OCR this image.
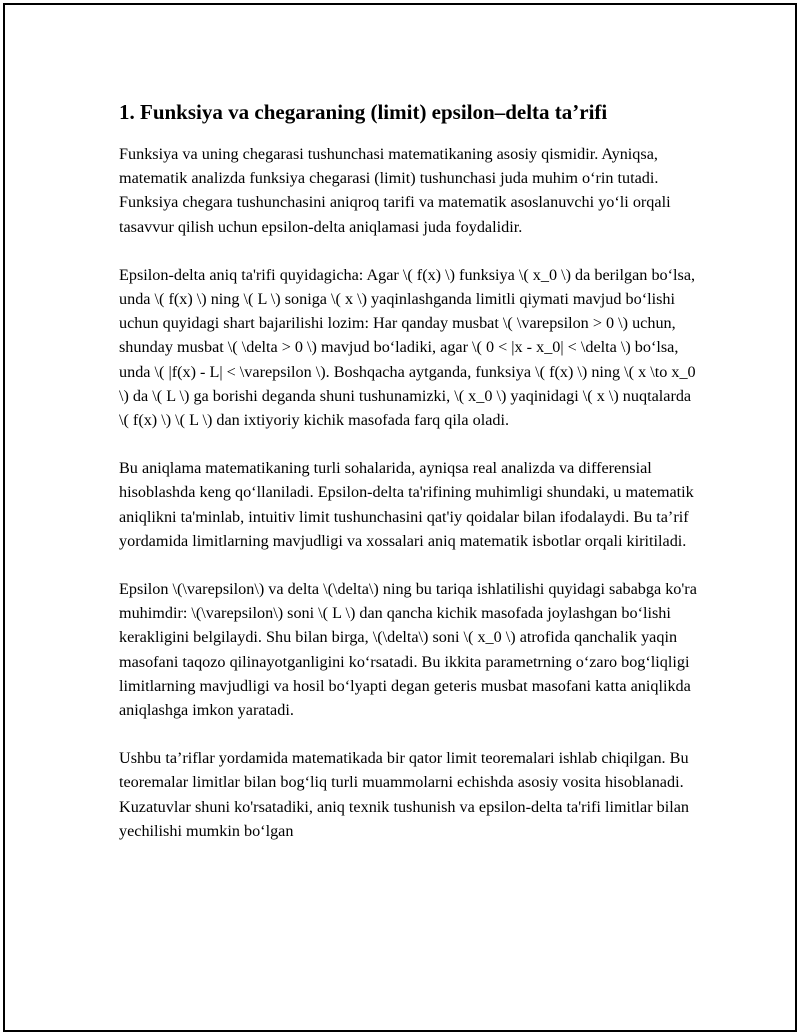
1. Funksiya va chegaraning (limit) epsilon–delta ta’rifi

Funksiya va uning chegarasi tushunchasi matematikaning asosiy qismidir. Ayniqsa, matematik analizda funksiya chegarasi (limit) tushunchasi juda muhim o‘rin tutadi. Funksiya chegara tushunchasini aniqroq tarifi va matematik asoslanuvchi yo‘li orqali tasavvur qilish uchun epsilon-delta aniqlamasi juda foydalidir.

Epsilon-delta aniq ta'rifi quyidagicha: Agar \( f(x) \) funksiya \( x_0 \) da berilgan bo‘lsa, unda \( f(x) \) ning \( L \) soniga \( x \) yaqinlashganda limitli qiymati mavjud bo‘lishi uchun quyidagi shart bajarilishi lozim: Har qanday musbat \( \varepsilon > 0 \) uchun, shunday musbat \( \delta > 0 \) mavjud bo‘ladiki, agar \( 0 < |x - x_0| < \delta \) bo‘lsa, unda \( |f(x) - L| < \varepsilon \). Boshqacha aytganda, funksiya \( f(x) \) ning \( x \to x_0 \) da \( L \) ga borishi deganda shuni tushunamizki, \( x_0 \) yaqinidagi \( x \) nuqtalarda \( f(x) \) \( L \) dan ixtiyoriy kichik masofada farq qila oladi.

Bu aniqlama matematikaning turli sohalarida, ayniqsa real analizda va differensial hisoblashda keng qo‘llaniladi. Epsilon-delta ta'rifining muhimligi shundaki, u matematik aniqlikni ta'minlab, intuitiv limit tushunchasini qat'iy qoidalar bilan ifodalaydi. Bu ta’rif yordamida limitlarning mavjudligi va xossalari aniq matematik isbotlar orqali kiritiladi.

Epsilon \(\varepsilon\) va delta \(\delta\) ning bu tariqa ishlatilishi quyidagi sababga ko'ra muhimdir: \(\varepsilon\) soni \( L \) dan qancha kichik masofada joylashgan bo‘lishi kerakligini belgilaydi. Shu bilan birga, \(\delta\) soni \( x_0 \) atrofida qanchalik yaqin masofani taqozo qilinayotganligini ko‘rsatadi. Bu ikkita parametrning o‘zaro bog‘liqligi limitlarning mavjudligi va hosil bo‘lyapti degan geteris musbat masofani katta aniqlikda aniqlashga imkon yaratadi.

Ushbu ta’riflar yordamida matematikada bir qator limit teoremalari ishlab chiqilgan. Bu teoremalar limitlar bilan bog‘liq turli muammolarni echishda asosiy vosita hisoblanadi. Kuzatuvlar shuni ko'rsatadiki, aniq texnik tushunish va epsilon-delta ta'rifi limitlar bilan yechilishi mumkin bo‘lgan
